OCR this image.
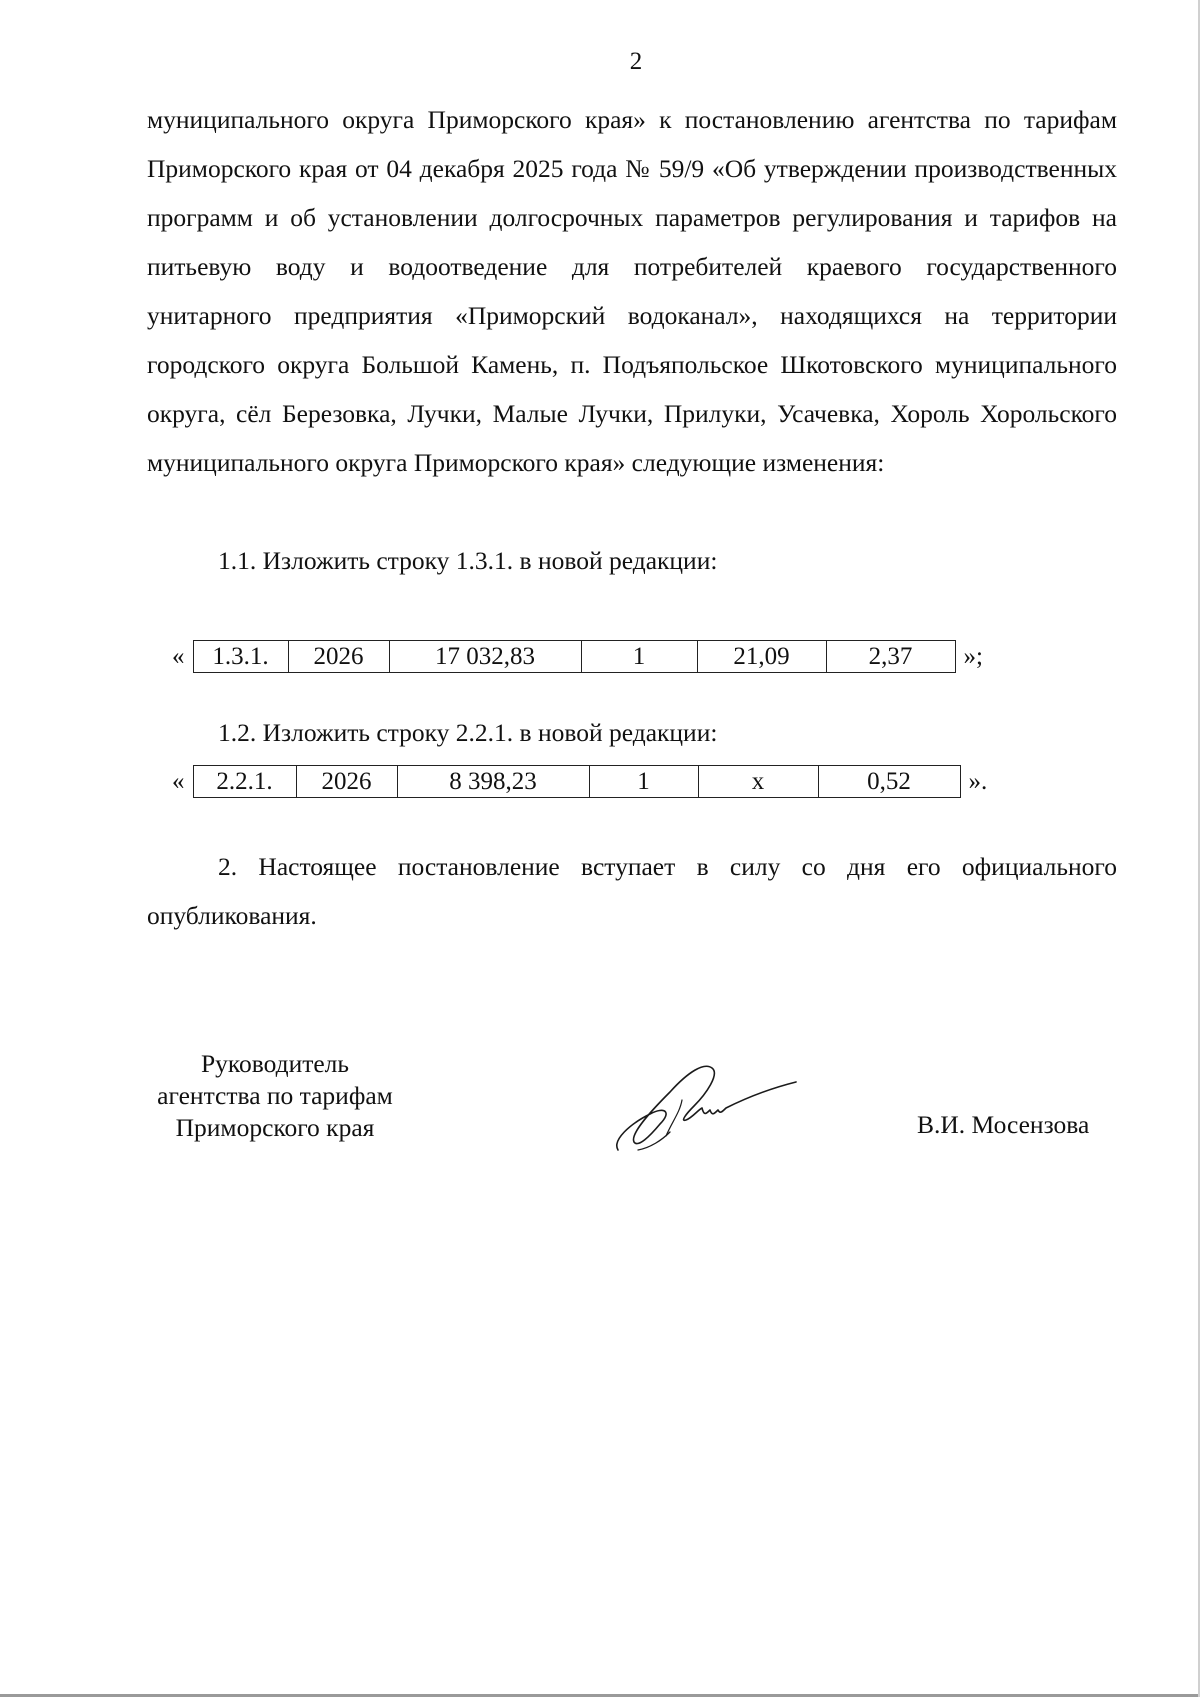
2

муниципального округа Приморского края» к постановлению агентства по тарифам Приморского края от 04 декабря 2025 года № 59/9 «Об утверждении производственных программ и об установлении долгосрочных параметров регулирования и тарифов на питьевую воду и водоотведение для потребителей краевого государственного унитарного предприятия «Приморский водоканал», находящихся на территории городского округа Большой Камень, п. Подъяпольское Шкотовского муниципального округа, сёл Березовка, Лучки, Малые Лучки, Прилуки, Усачевка, Хороль Хорольского муниципального округа Приморского края» следующие изменения:

1.1. Изложить строку 1.3.1. в новой редакции:

« 1.3.1.	2026	17 032,83	1	21,09	2,37 »;

1.2. Изложить строку 2.2.1. в новой редакции:

« 2.2.1.	2026	8 398,23	1	x	0,52 ».

2. Настоящее постановление вступает в силу со дня его официального

опубликования.

Руководитель
агентства по тарифам
Приморского края	В.И. Мосензова
